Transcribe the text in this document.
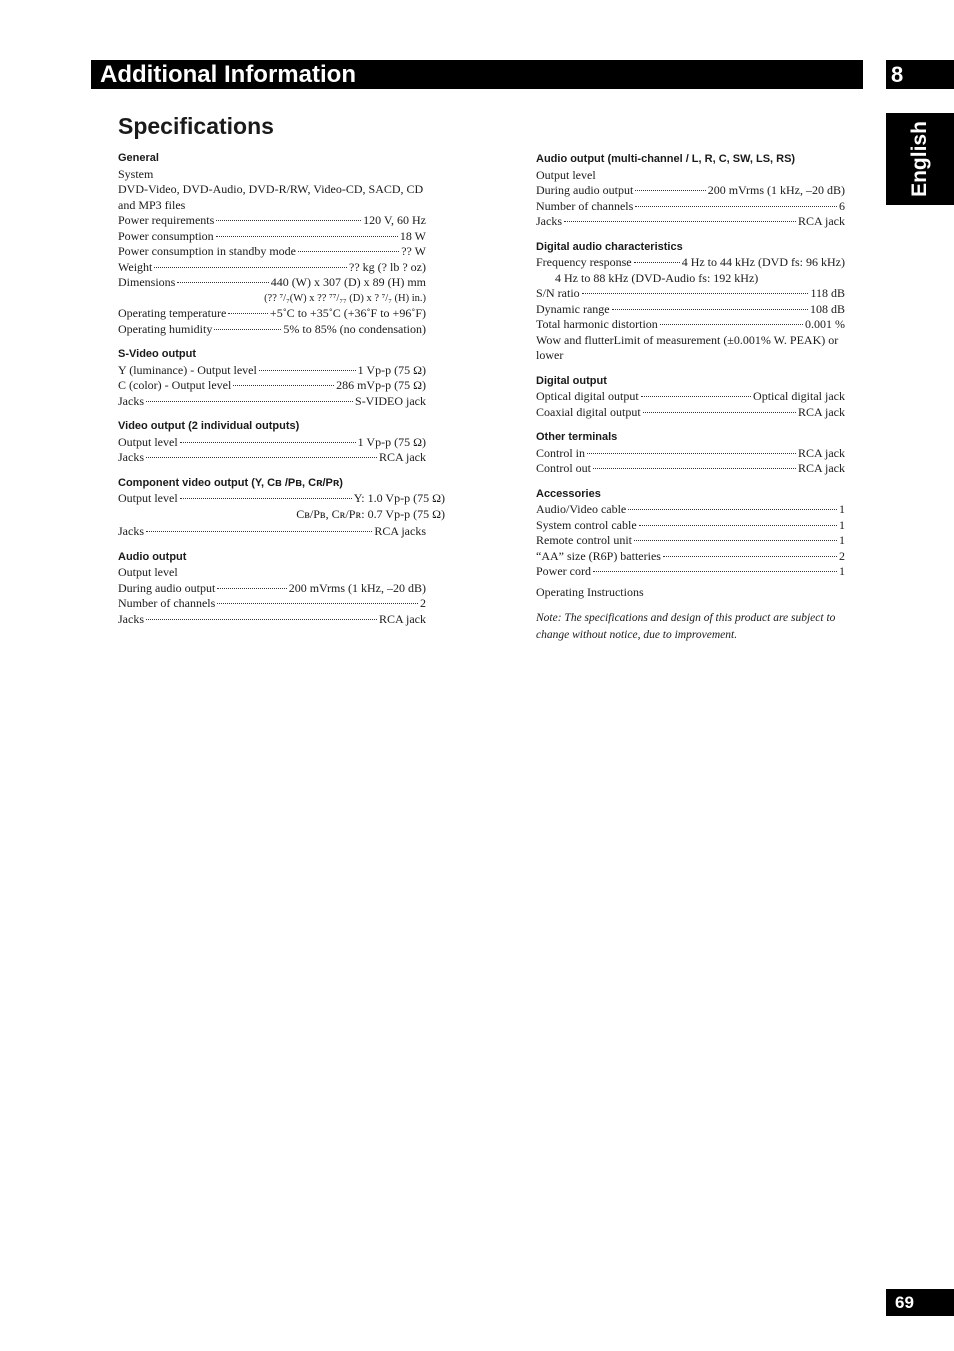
Additional Information	8
English
Specifications

General

System

DVD-Video, DVD-Audio, DVD-R/RW, Video-CD, SACD, CD

and MP3 files

Power requirements	120 V, 60 Hz
Power consumption	18 W
Power consumption in standby mode	?? W
Weight	?? kg (? lb ? oz)
Dimensions	440 (W) x 307 (D) x 89 (H) mm

(?? ⁷/₇(W) x ?? ⁷⁷/₇₇ (D) x ? ⁷/₇ (H) in.)

Operating temperature	+5˚C to +35˚C (+36˚F to +96˚F)
Operating humidity	5% to 85% (no condensation)

S-Video output

Y (luminance) - Output level	1 Vp-p (75 Ω)
C (color) - Output level	286 mVp-p (75 Ω)
Jacks	S-VIDEO jack

Video output (2 individual outputs)

Output level	1 Vp-p (75 Ω)
Jacks	RCA jack

Component video output (Y, Cʙ /Pʙ, Cʀ/Pʀ)

Output level	Y: 1.0 Vp-p (75 Ω)

Cʙ/Pʙ, Cʀ/Pʀ: 0.7 Vp-p (75 Ω)

Jacks	RCA jacks

Audio output

Output level

During audio output	200 mVrms (1 kHz, –20 dB)
Number of channels	2
Jacks	RCA jack

Audio output (multi-channel / L, R, C, SW, LS, RS)

Output level

During audio output	200 mVrms (1 kHz, –20 dB)
Number of channels	6
Jacks	RCA jack

Digital audio characteristics

Frequency response	4 Hz to 44 kHz (DVD fs: 96 kHz)

4 Hz to 88 kHz (DVD-Audio fs: 192 kHz)

S/N ratio	118 dB
Dynamic range	108 dB
Total harmonic distortion	0.001 %

Wow and flutterLimit of measurement (±0.001% W. PEAK) or

lower

Digital output

Optical digital output	Optical digital jack
Coaxial digital output	RCA jack

Other terminals

Control in	RCA jack
Control out	RCA jack

Accessories

Audio/Video cable	1
System control cable	1
Remote control unit	1
“AA” size (R6P) batteries	2
Power cord	1

Operating Instructions

Note: The specifications and design of this product are subject to change without notice, due to improvement.

69
